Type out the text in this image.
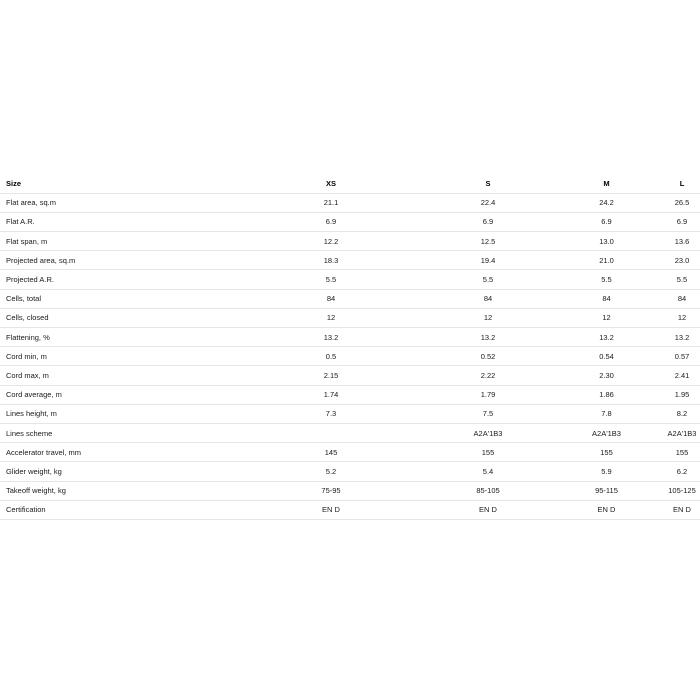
Size	XS	S	M	L

Flat area, sq.m	21.1	22.4	24.2	26.5

Flat A.R.	6.9	6.9	6.9	6.9

Flat span, m	12.2	12.5	13.0	13.6

Projected area, sq.m	18.3	19.4	21.0	23.0

Projected A.R.	5.5	5.5	5.5	5.5

Cells, total	84	84	84	84

Cells, closed	12	12	12	12

Flattening, %	13.2	13.2	13.2	13.2

Cord min, m	0.5	0.52	0.54	0.57

Cord max, m	2.15	2.22	2.30	2.41

Cord average, m	1.74	1.79	1.86	1.95

Lines height, m	7.3	7.5	7.8	8.2

Lines scheme		A2A'1B3	A2A'1B3	A2A'1B3

Accelerator travel, mm	145	155	155	155

Glider weight, kg	5.2	5.4	5.9	6.2

Takeoff weight, kg	75-95	85-105	95-115	105-125

Certification	EN D	EN D	EN D	EN D
